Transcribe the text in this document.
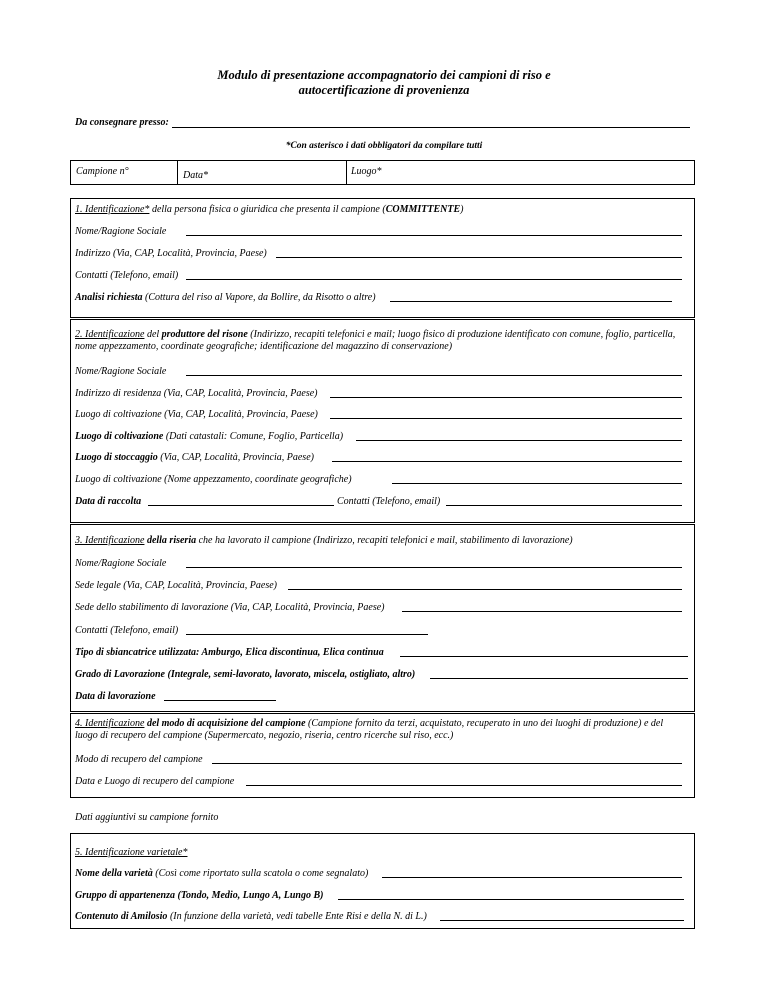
Modulo di presentazione accompagnatorio dei campioni di riso e
autocertificazione di provenienza
Da consegnare presso:
*Con asterisco i dati obbligatori da compilare tutti
Campione n°	Data*	Luogo*
1. Identificazione* della persona fisica o giuridica che presenta il campione (COMMITTENTE)
Nome/Ragione Sociale
Indirizzo (Via, CAP, Località, Provincia, Paese)
Contatti (Telefono, email)
Analisi richiesta (Cottura del riso al Vapore, da Bollire, da Risotto o altre)
2. Identificazione del produttore del risone (Indirizzo, recapiti telefonici e mail; luogo fisico di produzione identificato con comune, foglio, particella, nome appezzamento, coordinate geografiche; identificazione del magazzino di conservazione)
Nome/Ragione Sociale
Indirizzo di residenza (Via, CAP, Località, Provincia, Paese)
Luogo di coltivazione (Via, CAP, Località, Provincia, Paese)
Luogo di coltivazione (Dati catastali: Comune, Foglio, Particella)
Luogo di stoccaggio (Via, CAP, Località, Provincia, Paese)
Luogo di coltivazione (Nome appezzamento, coordinate geografiche)
Data di raccolta	Contatti (Telefono, email)
3. Identificazione della riseria che ha lavorato il campione (Indirizzo, recapiti telefonici e mail, stabilimento di lavorazione)
Nome/Ragione Sociale
Sede legale (Via, CAP, Località, Provincia, Paese)
Sede dello stabilimento di lavorazione (Via, CAP, Località, Provincia, Paese)
Contatti (Telefono, email)
Tipo di sbiancatrice utilizzata: Amburgo, Elica discontinua, Elica continua
Grado di Lavorazione (Integrale, semi-lavorato, lavorato, miscela, ostigliato, altro)
Data di lavorazione
4. Identificazione del modo di acquisizione del campione (Campione fornito da terzi, acquistato, recuperato in uno dei luoghi di produzione) e del luogo di recupero del campione (Supermercato, negozio, riseria, centro ricerche sul riso, ecc.)
Modo di recupero del campione
Data e Luogo di recupero del campione
Dati aggiuntivi su campione fornito
5. Identificazione varietale*
Nome della varietà (Così come riportato sulla scatola o come segnalato)
Gruppo di appartenenza (Tondo, Medio, Lungo A, Lungo B)
Contenuto di Amilosio (In funzione della varietà, vedi tabelle Ente Risi e della N. di L.)
